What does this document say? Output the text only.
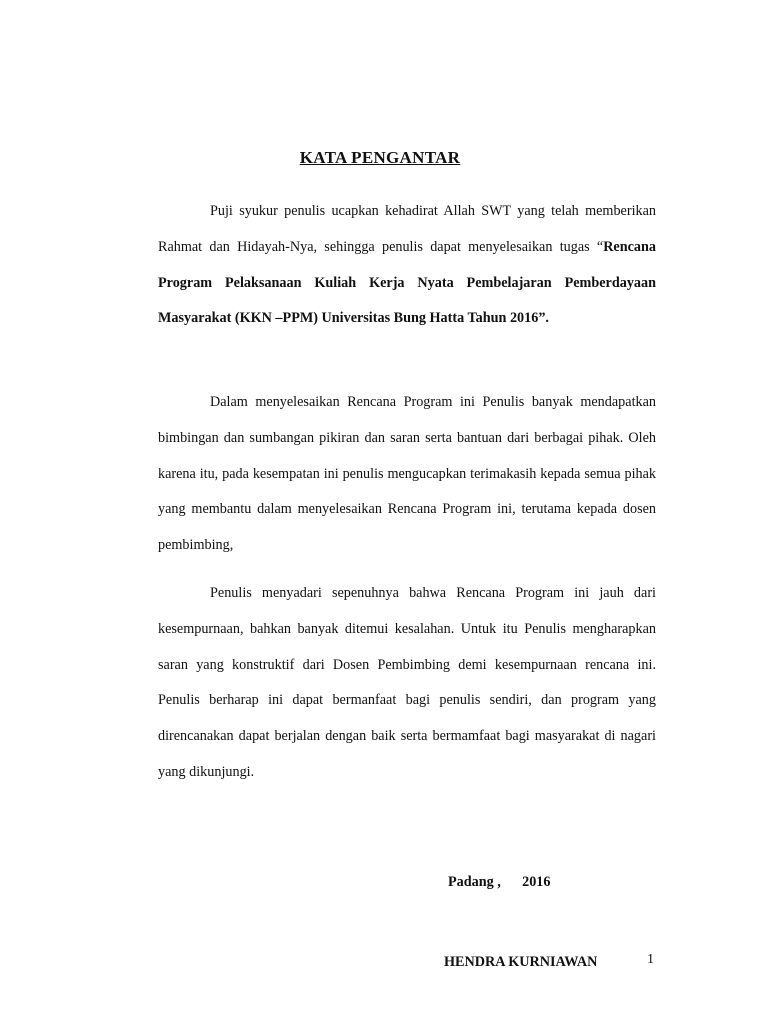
KATA PENGANTAR
Puji syukur penulis ucapkan kehadirat Allah SWT yang telah memberikan Rahmat dan Hidayah-Nya, sehingga penulis dapat menyelesaikan tugas “Rencana Program Pelaksanaan Kuliah Kerja Nyata Pembelajaran Pemberdayaan Masyarakat (KKN –PPM) Universitas Bung Hatta Tahun 2016”.
Dalam menyelesaikan Rencana Program ini Penulis banyak mendapatkan bimbingan dan sumbangan pikiran dan saran serta bantuan dari berbagai pihak. Oleh karena itu, pada kesempatan ini penulis mengucapkan terimakasih kepada semua pihak yang membantu dalam menyelesaikan Rencana Program ini, terutama kepada dosen pembimbing,
Penulis menyadari sepenuhnya bahwa Rencana Program ini jauh dari kesempurnaan, bahkan banyak ditemui kesalahan. Untuk itu Penulis mengharapkan saran yang konstruktif dari Dosen Pembimbing demi kesempurnaan rencana ini. Penulis berharap ini dapat bermanfaat bagi penulis sendiri, dan program yang direncanakan dapat berjalan dengan baik serta bermamfaat bagi masyarakat di nagari yang dikunjungi.
Padang ,      2016
HENDRA KURNIAWAN	1
